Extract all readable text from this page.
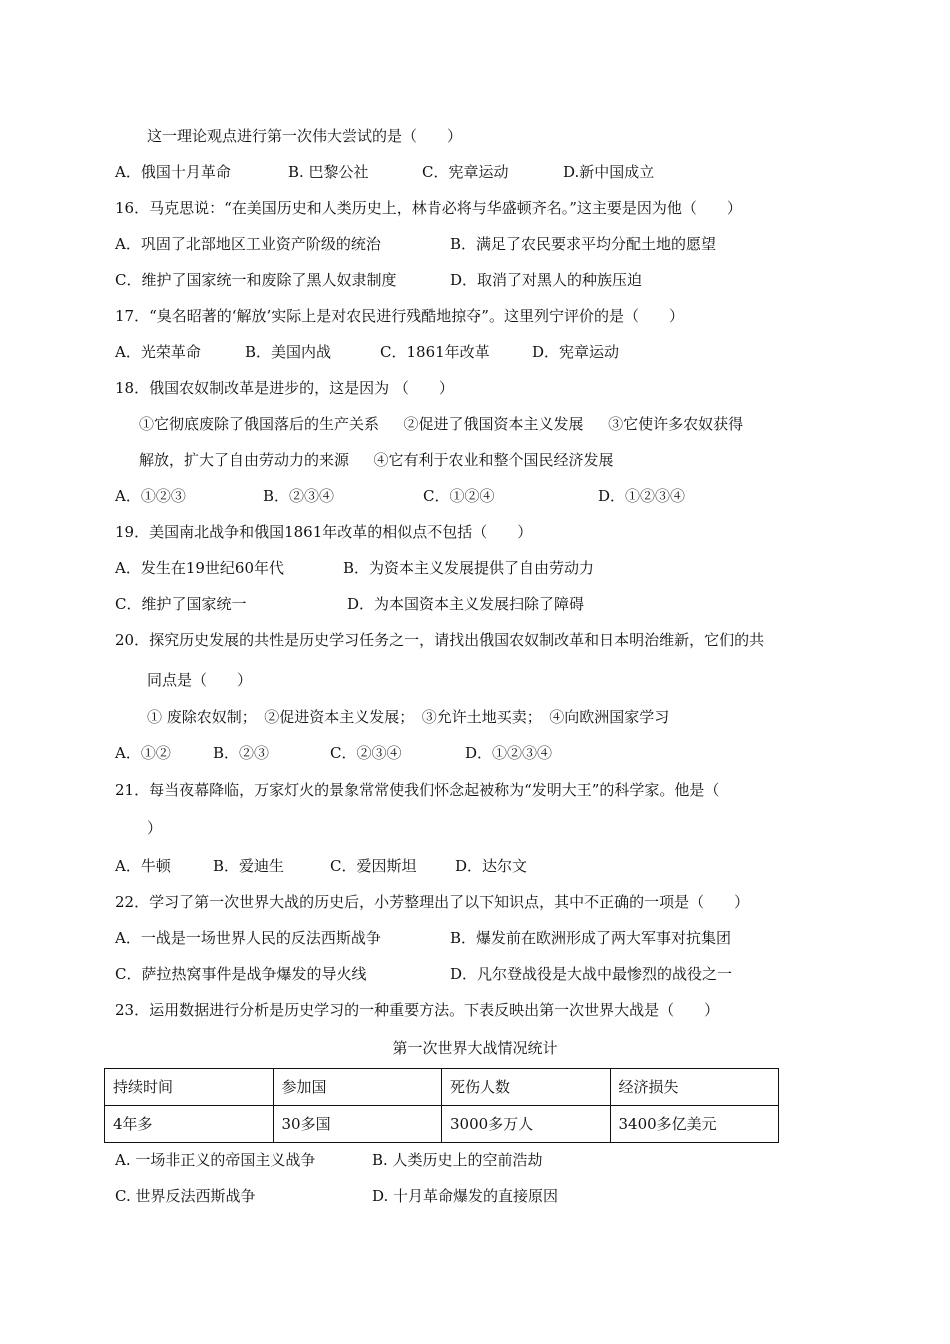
这一理论观点进行第一次伟大尝试的是（　　）
A．俄国十月革命	B. 巴黎公社	C．宪章运动	D.新中国成立
16．马克思说：“在美国历史和人类历史上，林肯必将与华盛顿齐名。”这主要是因为他（　　）
A．巩固了北部地区工业资产阶级的统治	B．满足了农民要求平均分配土地的愿望
C．维护了国家统一和废除了黑人奴隶制度	D．取消了对黑人的种族压迫
17．“臭名昭著的‘解放’实际上是对农民进行残酷地掠夺”。这里列宁评价的是（　　）
A．光荣革命	B．美国内战	C．1861年改革	D．宪章运动
18．俄国农奴制改革是进步的，这是因为 （　　）
①它彻底废除了俄国落后的生产关系　  ②促进了俄国资本主义发展　  ③它使许多农奴获得
解放，扩大了自由劳动力的来源　  ④它有利于农业和整个国民经济发展
A．①②③	B．②③④	C．①②④	D．①②③④
19．美国南北战争和俄国1861年改革的相似点不包括（　　）
A．发生在19世纪60年代	B．为资本主义发展提供了自由劳动力
C．维护了国家统一	D．为本国资本主义发展扫除了障碍
20．探究历史发展的共性是历史学习任务之一，请找出俄国农奴制改革和日本明治维新，它们的共
同点是（　　）
① 废除农奴制；　②促进资本主义发展；　③允许土地买卖；　④向欧洲国家学习
A．①②	B．②③	C．②③④	D．①②③④
21．每当夜幕降临，万家灯火的景象常常使我们怀念起被称为“发明大王”的科学家。他是（
）
A．牛顿	B．爱迪生	C．爱因斯坦	D．达尔文
22．学习了第一次世界大战的历史后，小芳整理出了以下知识点，其中不正确的一项是（　　）
A．一战是一场世界人民的反法西斯战争	B．爆发前在欧洲形成了两大军事对抗集团
C．萨拉热窝事件是战争爆发的导火线	D．凡尔登战役是大战中最惨烈的战役之一
23．运用数据进行分析是历史学习的一种重要方法。下表反映出第一次世界大战是（　　）
第一次世界大战情况统计
持续时间	参加国	死伤人数	经济损失
4年多	30多国	3000多万人	3400多亿美元
A. 一场非正义的帝国主义战争	B. 人类历史上的空前浩劫
C. 世界反法西斯战争	D. 十月革命爆发的直接原因
